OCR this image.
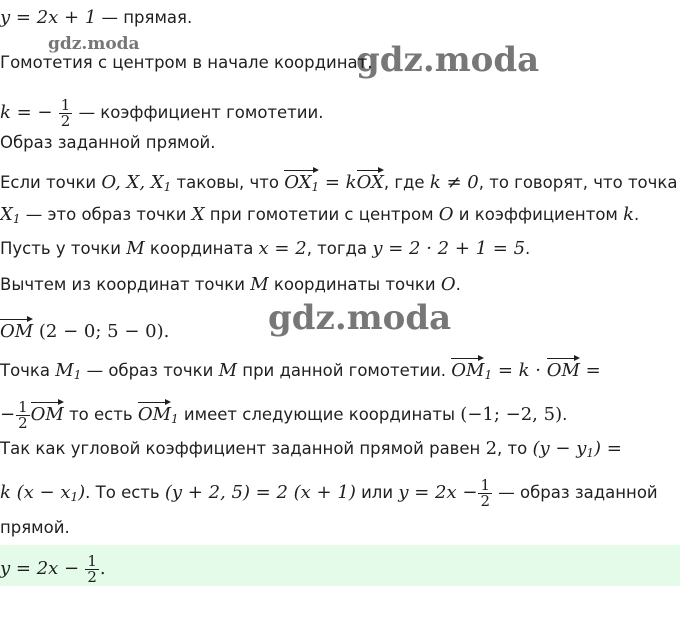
gdz.moda	gdz.moda
gdz.moda
y = 2x + 1 — прямая.
Гомотетия с центром в начале координат.
k = − $\frac{1}{2}$ — коэффициент гомотетии.
Образ заданной прямой.
Если точки O, X, $X_1$ таковы, что $OX_1$ = kOX, где k ≠ 0, то говорят, что точка
$X_1$ — это образ точки X при гомотетии с центром O и коэффициентом k.
Пусть у точки M координата x = 2, тогда y = 2 · 2 + 1 = 5.
Вычтем из координат точки M координаты точки O.
OM (2 − 0; 5 − 0).
Точка $M_1$ — образ точки M при данной гомотетии. $OM_1 = k$ · OM =
− $\frac{1}{2}$ OM то есть $OM_1$ имеет следующие координаты (−1; −2, 5).
Так как угловой коэффициент заданной прямой равен 2, то $(y - y_1)$ =
k $(x - x_1)$. То есть (y + 2, 5) = 2 (x + 1) или $y = 2x - \frac{1}{2}$ — образ заданной
прямой.
$y = 2x - \frac{1}{2}$ .
